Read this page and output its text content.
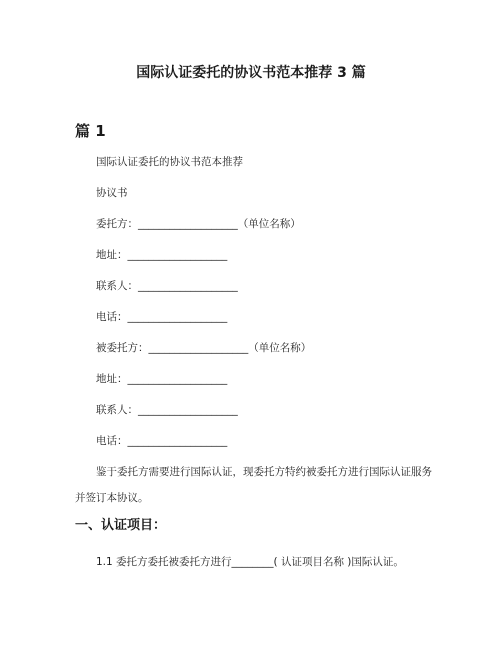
国际认证委托的协议书范本推荐 3 篇
篇 1
国际认证委托的协议书范本推荐
协议书
委托方：___________________（单位名称）
地址：___________________
联系人：___________________
电话：___________________
被委托方：___________________（单位名称）
地址：___________________
联系人：___________________
电话：___________________
鉴于委托方需要进行国际认证，现委托方特约被委托方进行国际认证服务并签订本协议。
一、认证项目：
1.1 委托方委托被委托方进行________( 认证项目名称 )国际认证。
